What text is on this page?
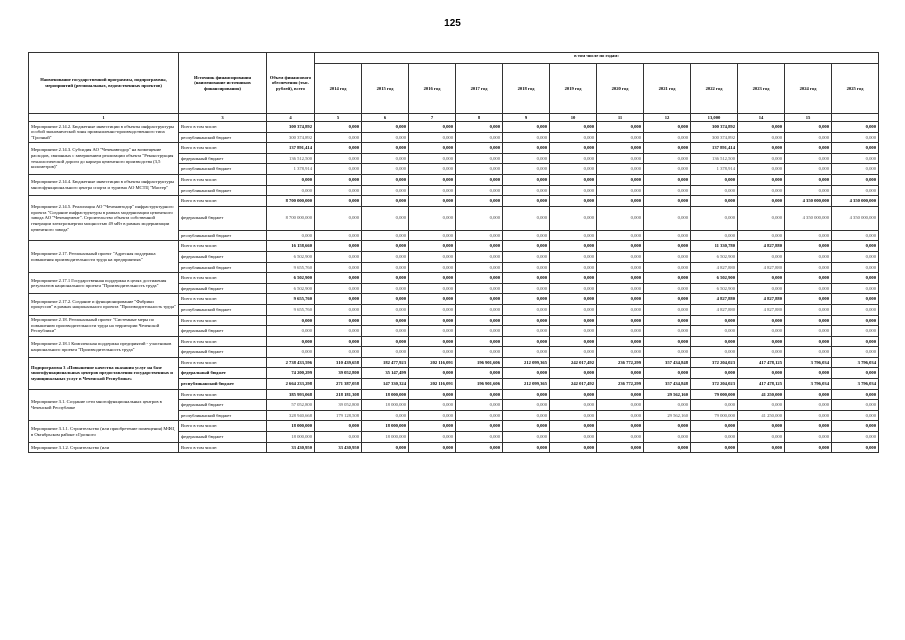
125
Наименование государственной программы, подпрограммы, мероприятий (региональных, ведомственных проектов)	Источник финансирования (наименование источников финансирования)	Объем финансового обеспечения (тыс. рублей), всего	в том числе по годам:												
			2014 год	2015 год	2016 год	2017 год	2018 год	2019 год	2020 год	2021 год	2022 год	2023 год	2024 год	2025 год	
1	3	4	5	6	7	8	9	10	11	12	13,000	14	15		
Мероприятие 2.14.2. Бюджетные инвестиции в объекты инфраструктуры особой экономической зоны промышленно-производственного типа "Грозный"	Всего в том числе:	300 374,892	0,000	0,000	0,000	0,000	0,000	0,000	0,000	0,000	300 374,892	0,000	0,000	0,000	
	республиканский бюджет	300 374,892	0,000	0,000	0,000	0,000	0,000	0,000	0,000	0,000	300 374,892	0,000	0,000	0,000	
Мероприятие 2.14.3. Субсидия АО "Чеченавтодор" на возмещение расходов, связанных с завершением реализации объекта "Реконструкция технологической дороги до карьера цементного производства (3,5 километров)"	Всего в том числе:	137 891,414	0,000	0,000	0,000	0,000	0,000	0,000	0,000	0,000	137 891,414	0,000	0,000	0,000	
	федеральный бюджет	136 512,500	0,000	0,000	0,000	0,000	0,000	0,000	0,000	0,000	136 512,500	0,000	0,000	0,000	
	республиканский бюджет	1 378,914	0,000	0,000	0,000	0,000	0,000	0,000	0,000	0,000	1 378,914	0,000	0,000	0,000	
Мероприятие 2.14.4. Бюджетные инвестиции в объекты инфраструктуры многофункционального центра спорта и туризма АО МСТЦ "Мастер"	Всего в том числе:	0,000	0,000	0,000	0,000	0,000	0,000	0,000	0,000	0,000	0,000	0,000	0,000	0,000	
	республиканский бюджет	0,000	0,000	0,000	0,000	0,000	0,000	0,000	0,000	0,000	0,000	0,000	0,000	0,000	
Мероприятие 2.14.5. Реализация АО "Чеченавтодор" инфраструктурного проекта "Создание инфраструктуры в рамках модернизации цементного завода АО "Чеченцемент". Строительство объекта собственной генерации электроэнергии мощностью 49 мВт в рамках модернизации цементного завода"	Всего в том числе:	8 700 000,000	0,000	0,000	0,000	0,000	0,000	0,000	0,000	0,000	0,000	0,000	4 350 000,000	4 350 000,000	
	федеральный бюджет	8 700 000,000	0,000	0,000	0,000	0,000	0,000	0,000	0,000	0,000	0,000	0,000	4 350 000,000	4 350 000,000	
	республиканский бюджет	0,000	0,000	0,000	0,000	0,000	0,000	0,000	0,000	0,000	0,000	0,000	0,000	0,000	
Мероприятие 2.17. Региональный проект "Адресная поддержка повышения производительности труда на предприятиях"	Всего в том числе:	16 158,660	0,000	0,000	0,000	0,000	0,000	0,000	0,000	0,000	11 330,780	4 827,880	0,000	0,000	
	федеральный бюджет	6 502,900	0,000	0,000	0,000	0,000	0,000	0,000	0,000	0,000	6 502,900	0,000	0,000	0,000	
	республиканский бюджет	9 655,760	0,000	0,000	0,000	0,000	0,000	0,000	0,000	0,000	4 827,880	4 827,880	0,000	0,000	
Мероприятие 2.17.1 Государственная поддержка в целях достижения результатов национального проекта "Производительность труда"	Всего в том числе:	6 502,900	0,000	0,000	0,000	0,000	0,000	0,000	0,000	0,000	6 502,900	0,000	0,000	0,000	
	федеральный бюджет	6 502,900	0,000	0,000	0,000	0,000	0,000	0,000	0,000	0,000	6 502,900	0,000	0,000	0,000	
Мероприятие 2.17.2. Создание и функционирование "Фабрики процессов" в рамках национального проекта "Производительность труда"	Всего в том числе:	9 655,760	0,000	0,000	0,000	0,000	0,000	0,000	0,000	0,000	4 827,880	4 827,880	0,000	0,000	
	республиканский бюджет	9 655,760	0,000	0,000	0,000	0,000	0,000	0,000	0,000	0,000	4 827,880	4 827,880	0,000	0,000	
Мероприятие 2.18. Региональный проект "Системные меры по повышению производительности труда на территории Чеченской Республики"	Всего в том числе:	0,000	0,000	0,000	0,000	0,000	0,000	0,000	0,000	0,000	0,000	0,000	0,000	0,000	
	федеральный бюджет	0,000	0,000	0,000	0,000	0,000	0,000	0,000	0,000	0,000	0,000	0,000	0,000	0,000	
Мероприятие 2.18.1 Комплексная поддержка предприятий - участников национального проекта "Производительность труда"	Всего в том числе:	0,000	0,000	0,000	0,000	0,000	0,000	0,000	0,000	0,000	0,000	0,000	0,000	0,000	
	федеральный бюджет	0,000	0,000	0,000	0,000	0,000	0,000	0,000	0,000	0,000	0,000	0,000	0,000	0,000	
Подпрограмма 3 «Повышение качества оказания услуг на базе многофункциональных центров предоставления государственных и муниципальных услуг в Чеченской Республике»	Всего в том числе:	2 738 433,596	310 439,658	182 477,923	202 116,091	196 901,606	212 099,365	242 017,492	236 772,299	357 434,848	372 204,023	417 478,125	3 796,034	3 796,034	
	федеральный бюджет	74 200,299	39 052,800	35 147,499	0,000	0,000	0,000	0,000	0,000	0,000	0,000	0,000	0,000	0,000	
	республиканский бюджет	2 664 233,298	271 387,058	147 330,324	202 116,091	196 901,606	212 099,365	242 017,492	236 772,299	357 434,848	372 204,023	417 478,125	3 796,034	3 796,034	
Мероприятие 3.1. Создание сети многофункциональных центров в Чеченской Республике	Всего в том числе:	385 993,068	218 181,308	18 000,000	0,000	0,000	0,000	0,000	0,000	29 562,160	79 000,000	41 250,000	0,000	0,000	
	федеральный бюджет	57 052,800	39 052,800	18 000,000	0,000	0,000	0,000	0,000	0,000	0,000	0,000	0,000	0,000	0,000	
	республиканский бюджет	328 940,668	179 128,508	0,000	0,000	0,000	0,000	0,000	0,000	29 562,160	79 000,000	41 250,000	0,000	0,000	
Мероприятие 3.1.1. Строительство (или приобретение помещения) МФЦ в Октябрьском районе г.Грозного	Всего в том числе:	18 000,000	0,000	18 000,000	0,000	0,000	0,000	0,000	0,000	0,000	0,000	0,000	0,000	0,000	
	федеральный бюджет	18 000,000	0,000	18 000,000	0,000	0,000	0,000	0,000	0,000	0,000	0,000	0,000	0,000	0,000	
Мероприятие 3.1.2. Строительство (или	Всего в том числе:	33 430,950	33 430,950	0,000	0,000	0,000	0,000	0,000	0,000	0,000	0,000	0,000	0,000	0,000	
